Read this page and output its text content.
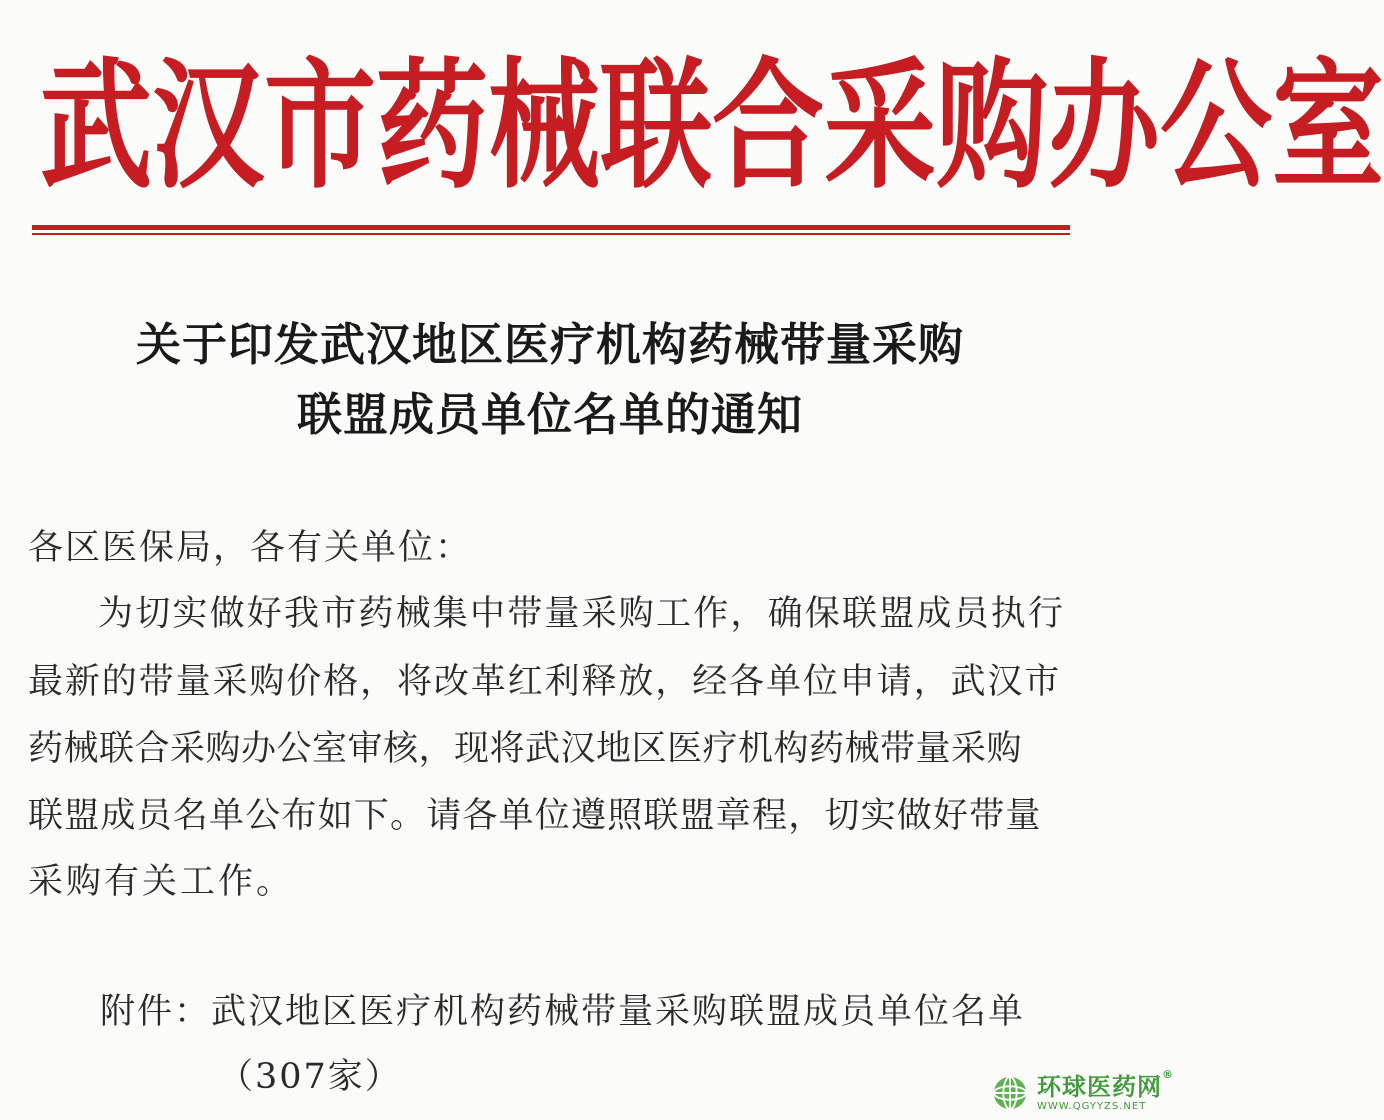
武 汉 市 药 械 联 合 采 购 办 公 室
关于印发武汉地区医疗机构药械带量采购
联盟成员单位名单的通知
各区医保局，各有关单位：
为切实做好我市药械集中带量采购工作，确保联盟成员执行
最新的带量采购价格，将改革红利释放，经各单位申请，武汉市
药械联合采购办公室审核，现将武汉地区医疗机构药械带量采购
联盟成员名单公布如下。请各单位遵照联盟章程，切实做好带量
采购有关工作。
附件：武汉地区医疗机构药械带量采购联盟成员单位名单
（307家）	环球医药网 ®
WWW.QGYYZS.NET
